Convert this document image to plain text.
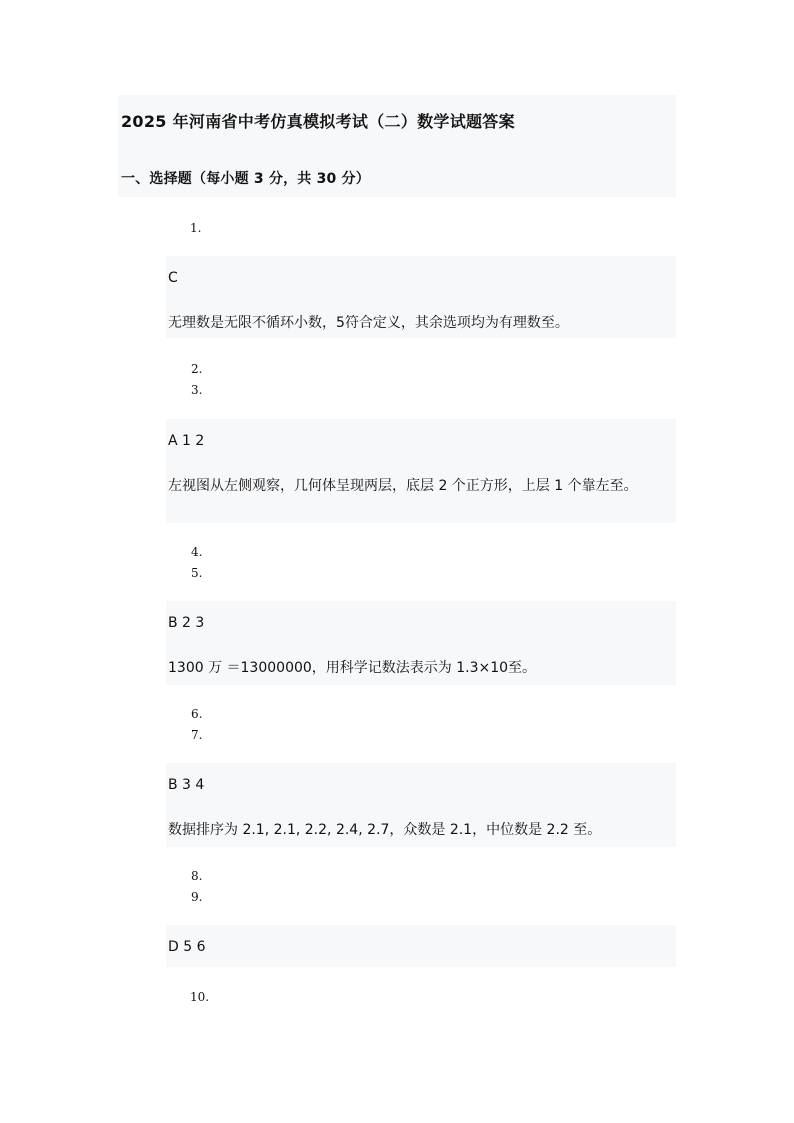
2025 年河南省中考仿真模拟考试（二）数学试题答案
一、选择题（每小题 3 分，共 30 分）
1.
C
无理数是无限不循环小数，5符合定义，其余选项均为有理数至。
2.
3.
A 1 2
左视图从左侧观察，几何体呈现两层，底层 2 个正方形，上层 1 个靠左至。
4.
5.
B 2 3
1300 万 ＝13000000，用科学记数法表示为 1.3×10至。
6.
7.
B 3 4
数据排序为 2.1, 2.1, 2.2, 2.4, 2.7，众数是 2.1，中位数是 2.2 至。
8.
9.
D 5 6
10.
